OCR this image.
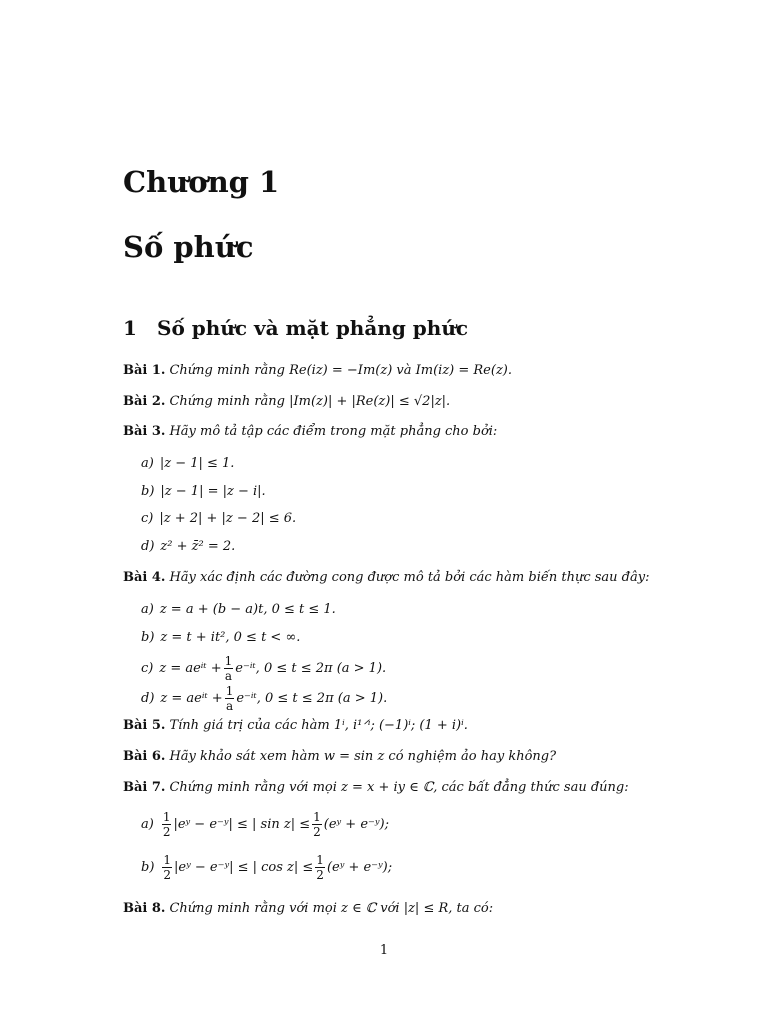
Chương 1
Số phức
1 Số phức và mặt phẳng phức
Bài 1. Chứng minh rằng Re(iz) = −Im(z) và Im(iz) = Re(z).
Bài 2. Chứng minh rằng |Im(z)| + |Re(z)| ≤ √2|z|.
Bài 3. Hãy mô tả tập các điểm trong mặt phẳng cho bởi:
a) |z − 1| ≤ 1.
b) |z − 1| = |z − i|.
c) |z + 2| + |z − 2| ≤ 6.
d) z² + z̄² = 2.
Bài 4. Hãy xác định các đường cong được mô tả bởi các hàm biến thực sau đây:
a) z = a + (b − a)t, 0 ≤ t ≤ 1.
b) z = t + it², 0 ≤ t < ∞.
c) z = aeⁱᵗ + $\frac{1}{a}$ e⁻ⁱᵗ, 0 ≤ t ≤ 2π (a > 1).
d) z = aeⁱᵗ + $\frac{1}{a}$ e⁻ⁱᵗ, 0 ≤ t ≤ 2π (a > 1).
Bài 5. Tính giá trị của các hàm 1ⁱ, i¹ᐟⁱ; (−1)ⁱ; (1 + i)ⁱ.
Bài 6. Hãy khảo sát xem hàm w = sin z có nghiệm ảo hay không?
Bài 7. Chứng minh rằng với mọi z = x + iy ∈ ℂ, các bất đẳng thức sau đúng:
$a) \frac{1}{2}$ |eʸ − e⁻ʸ| ≤ | $\sin z| \le \frac{1}{2}$ (eʸ + e⁻ʸ);
$b) \frac{1}{2}$ |eʸ − e⁻ʸ| ≤ | $\cos z| \le \frac{1}{2}$ (eʸ + e⁻ʸ);
Bài 8. Chứng minh rằng với mọi z ∈ ℂ với |z| ≤ R, ta có:
1
